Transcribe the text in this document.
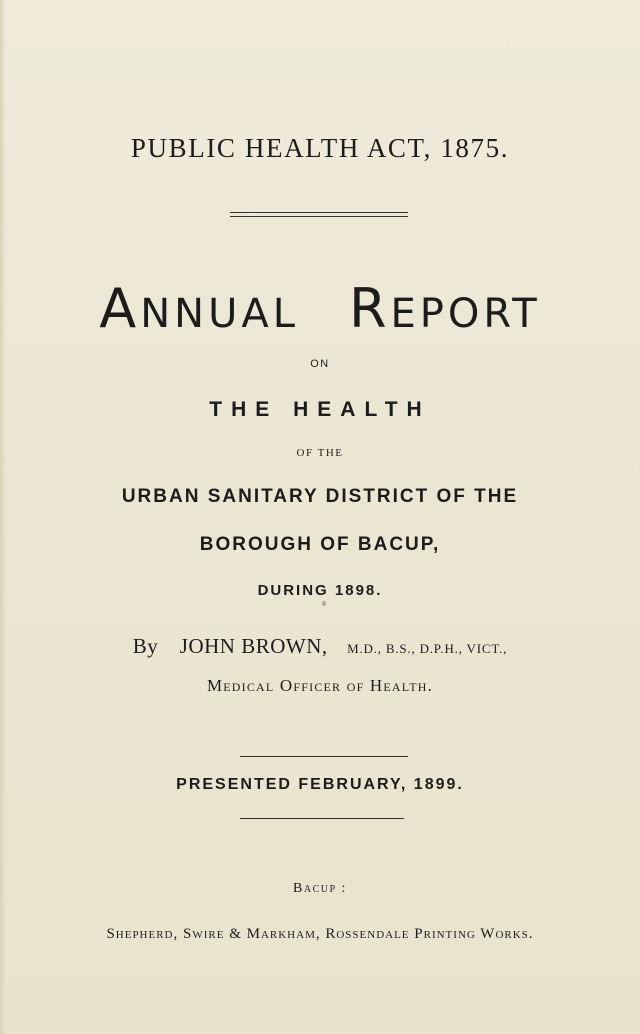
PUBLIC HEALTH ACT, 1875.
ANNUAL REPORT
ON
THE HEALTH
OF THE
URBAN SANITARY DISTRICT OF THE
BOROUGH OF BACUP,
DURING 1898.
By JOHN BROWN, M.D., B.S., D.P.H., VICT.,
Medical Officer of Health.
PRESENTED FEBRUARY, 1899.
Bacup :
Shepherd, Swire & Markham, Rossendale Printing Works.
